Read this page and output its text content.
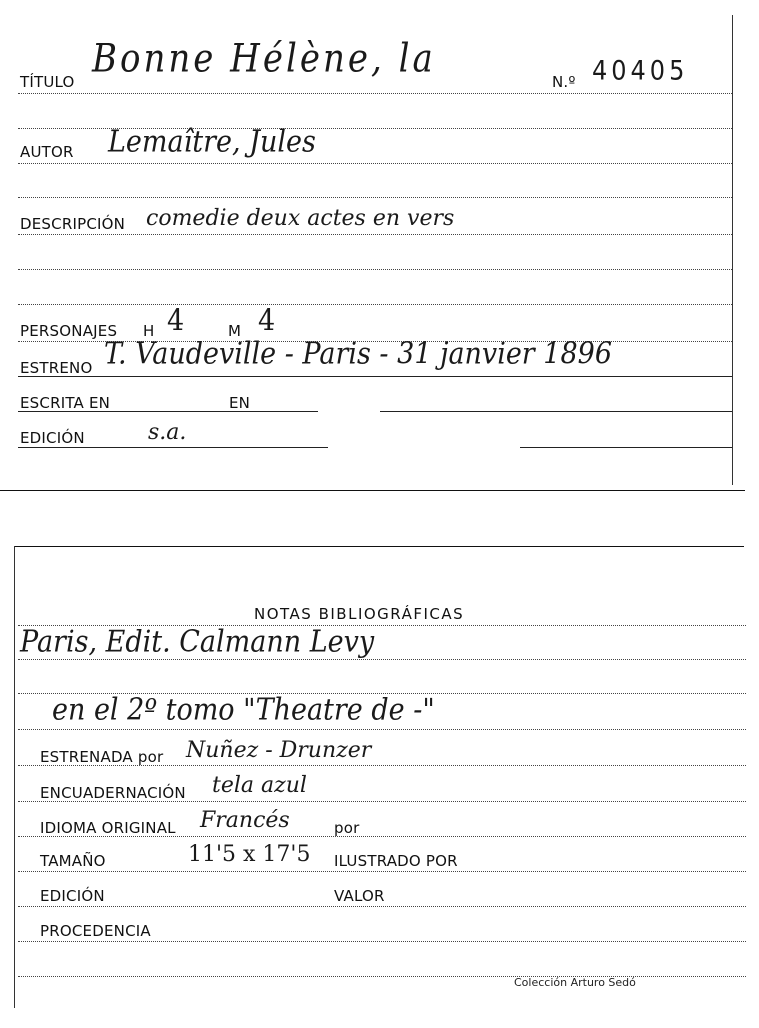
TÍTULO Bonne Hélène, la	N.º 40405
AUTOR Lemaître, Jules
DESCRIPCIÓN comedie deux actes en vers
PERSONAJES H 4	M 4
ESTRENO T. Vaudeville - Paris - 31 janvier 1896
ESCRITA EN	EN
EDICIÓN	s.a.
NOTAS BIBLIOGRÁFICAS
Paris, Edit. Calmann Levy
en el 2º tomo "Theatre de -"
ESTRENADA por Nuñez - Drunzer
ENCUADERNACIÓN tela azul
IDIOMA ORIGINAL Francés	por
TAMAÑO	11'5 x 17'5 ILUSTRADO POR
EDICIÓN	VALOR
PROCEDENCIA
Colección Arturo Sedó
